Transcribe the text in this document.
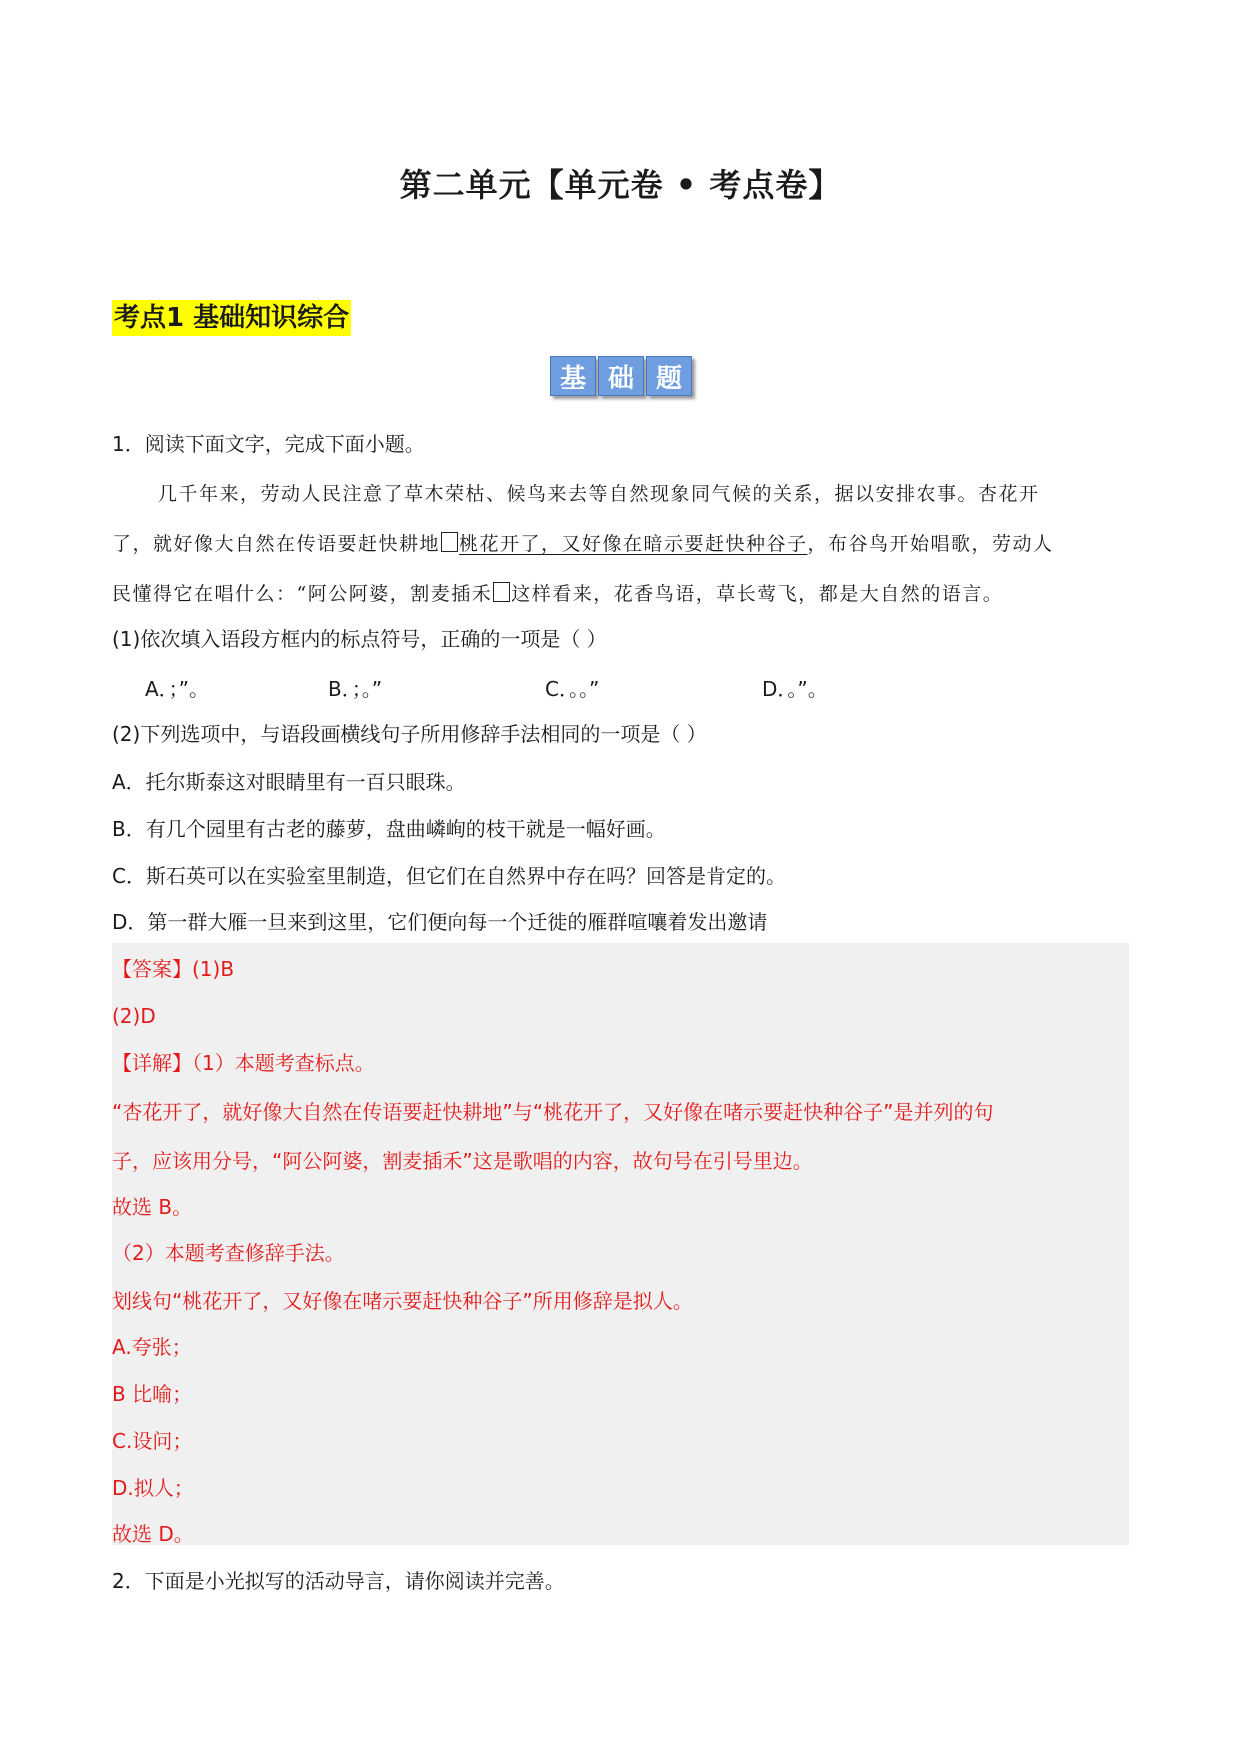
第二单元【单元卷 • 考点卷】
考点1 基础知识综合
基 础 题
1．阅读下面文字，完成下面小题。
几千年来，劳动人民注意了草木荣枯、候鸟来去等自然现象同气候的关系，据以安排农事。杏花开
了，就好像大自然在传语要赶快耕地 桃花开了，又好像在暗示要赶快种谷子，布谷鸟开始唱歌，劳动人
民懂得它在唱什么：“阿公阿婆，割麦插禾 这样看来，花香鸟语，草长莺飞，都是大自然的语言。
(1)依次填入语段方框内的标点符号，正确的一项是（ ）
A．；”。	B．；。”	C．。。”	D．。”。
(2)下列选项中，与语段画横线句子所用修辞手法相同的一项是（ ）
A．托尔斯泰这对眼睛里有一百只眼珠。
B．有几个园里有古老的藤萝，盘曲嶙峋的枝干就是一幅好画。
C．斯石英可以在实验室里制造，但它们在自然界中存在吗？回答是肯定的。
D．第一群大雁一旦来到这里，它们便向每一个迁徙的雁群喧嚷着发出邀请
【答案】(1)B
(2)D
【详解】（1）本题考查标点。
“杏花开了，就好像大自然在传语要赶快耕地”与“桃花开了，又好像在啫示要赶快种谷子”是并列的句
子，应该用分号，“阿公阿婆，割麦插禾”这是歌唱的内容，故句号在引号里边。
故选 B。
（2）本题考查修辞手法。
划线句“桃花开了，又好像在啫示要赶快种谷子”所用修辞是拟人。
A.夸张；
B 比喻；
C.设问；
D.拟人；
故选 D。
2．下面是小光拟写的活动导言，请你阅读并完善。
